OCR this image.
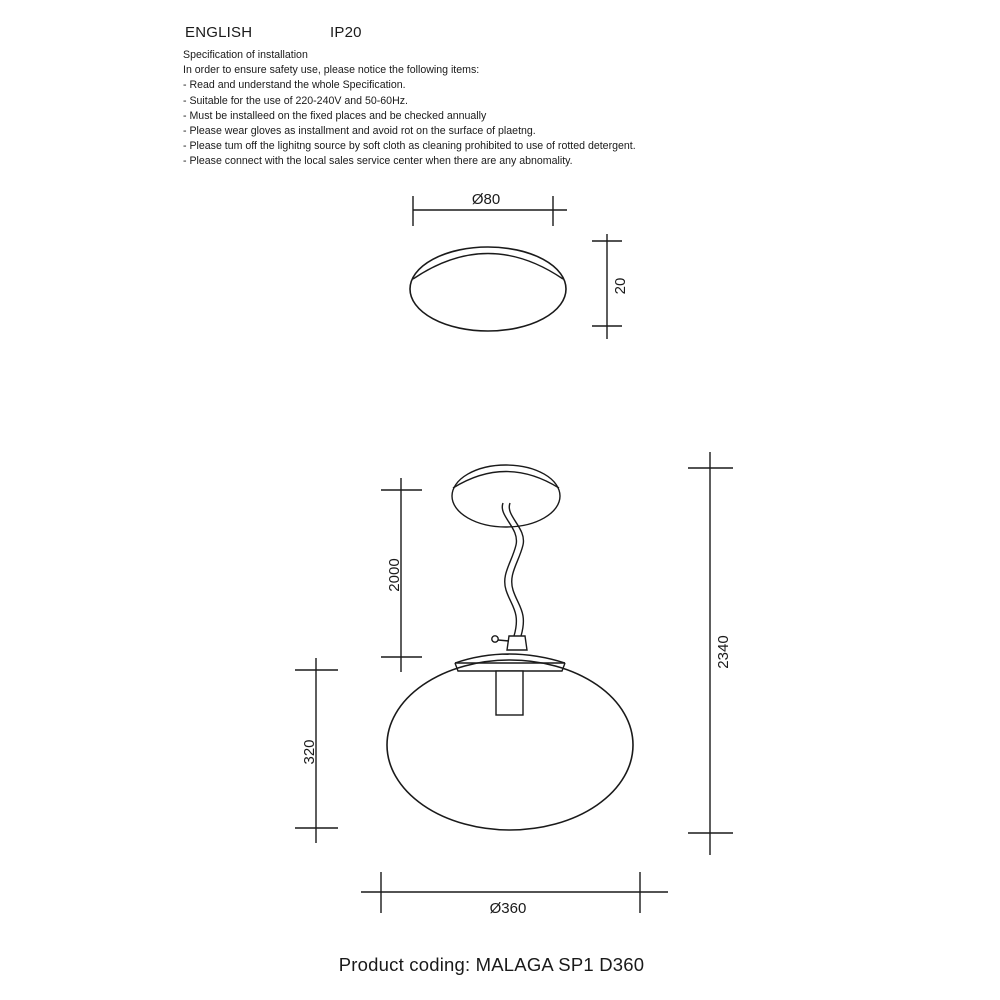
ENGLISH	IP20
Specification of installation
In order to ensure safety use, please notice the following items:
- Read and understand the whole Specification.
- Suitable for the use of 220-240V and 50-60Hz.
- Must be installeed on the fixed places and be checked annually
- Please wear gloves as installment and avoid rot on the surface of plaetng.
- Please tum off the lighitng source by soft cloth as cleaning prohibited to use of rotted detergent.
- Please connect with the local sales service center when there are any abnomality.
Ø80
20
2000
320
2340
Ø360
Product coding: MALAGA SP1 D360
